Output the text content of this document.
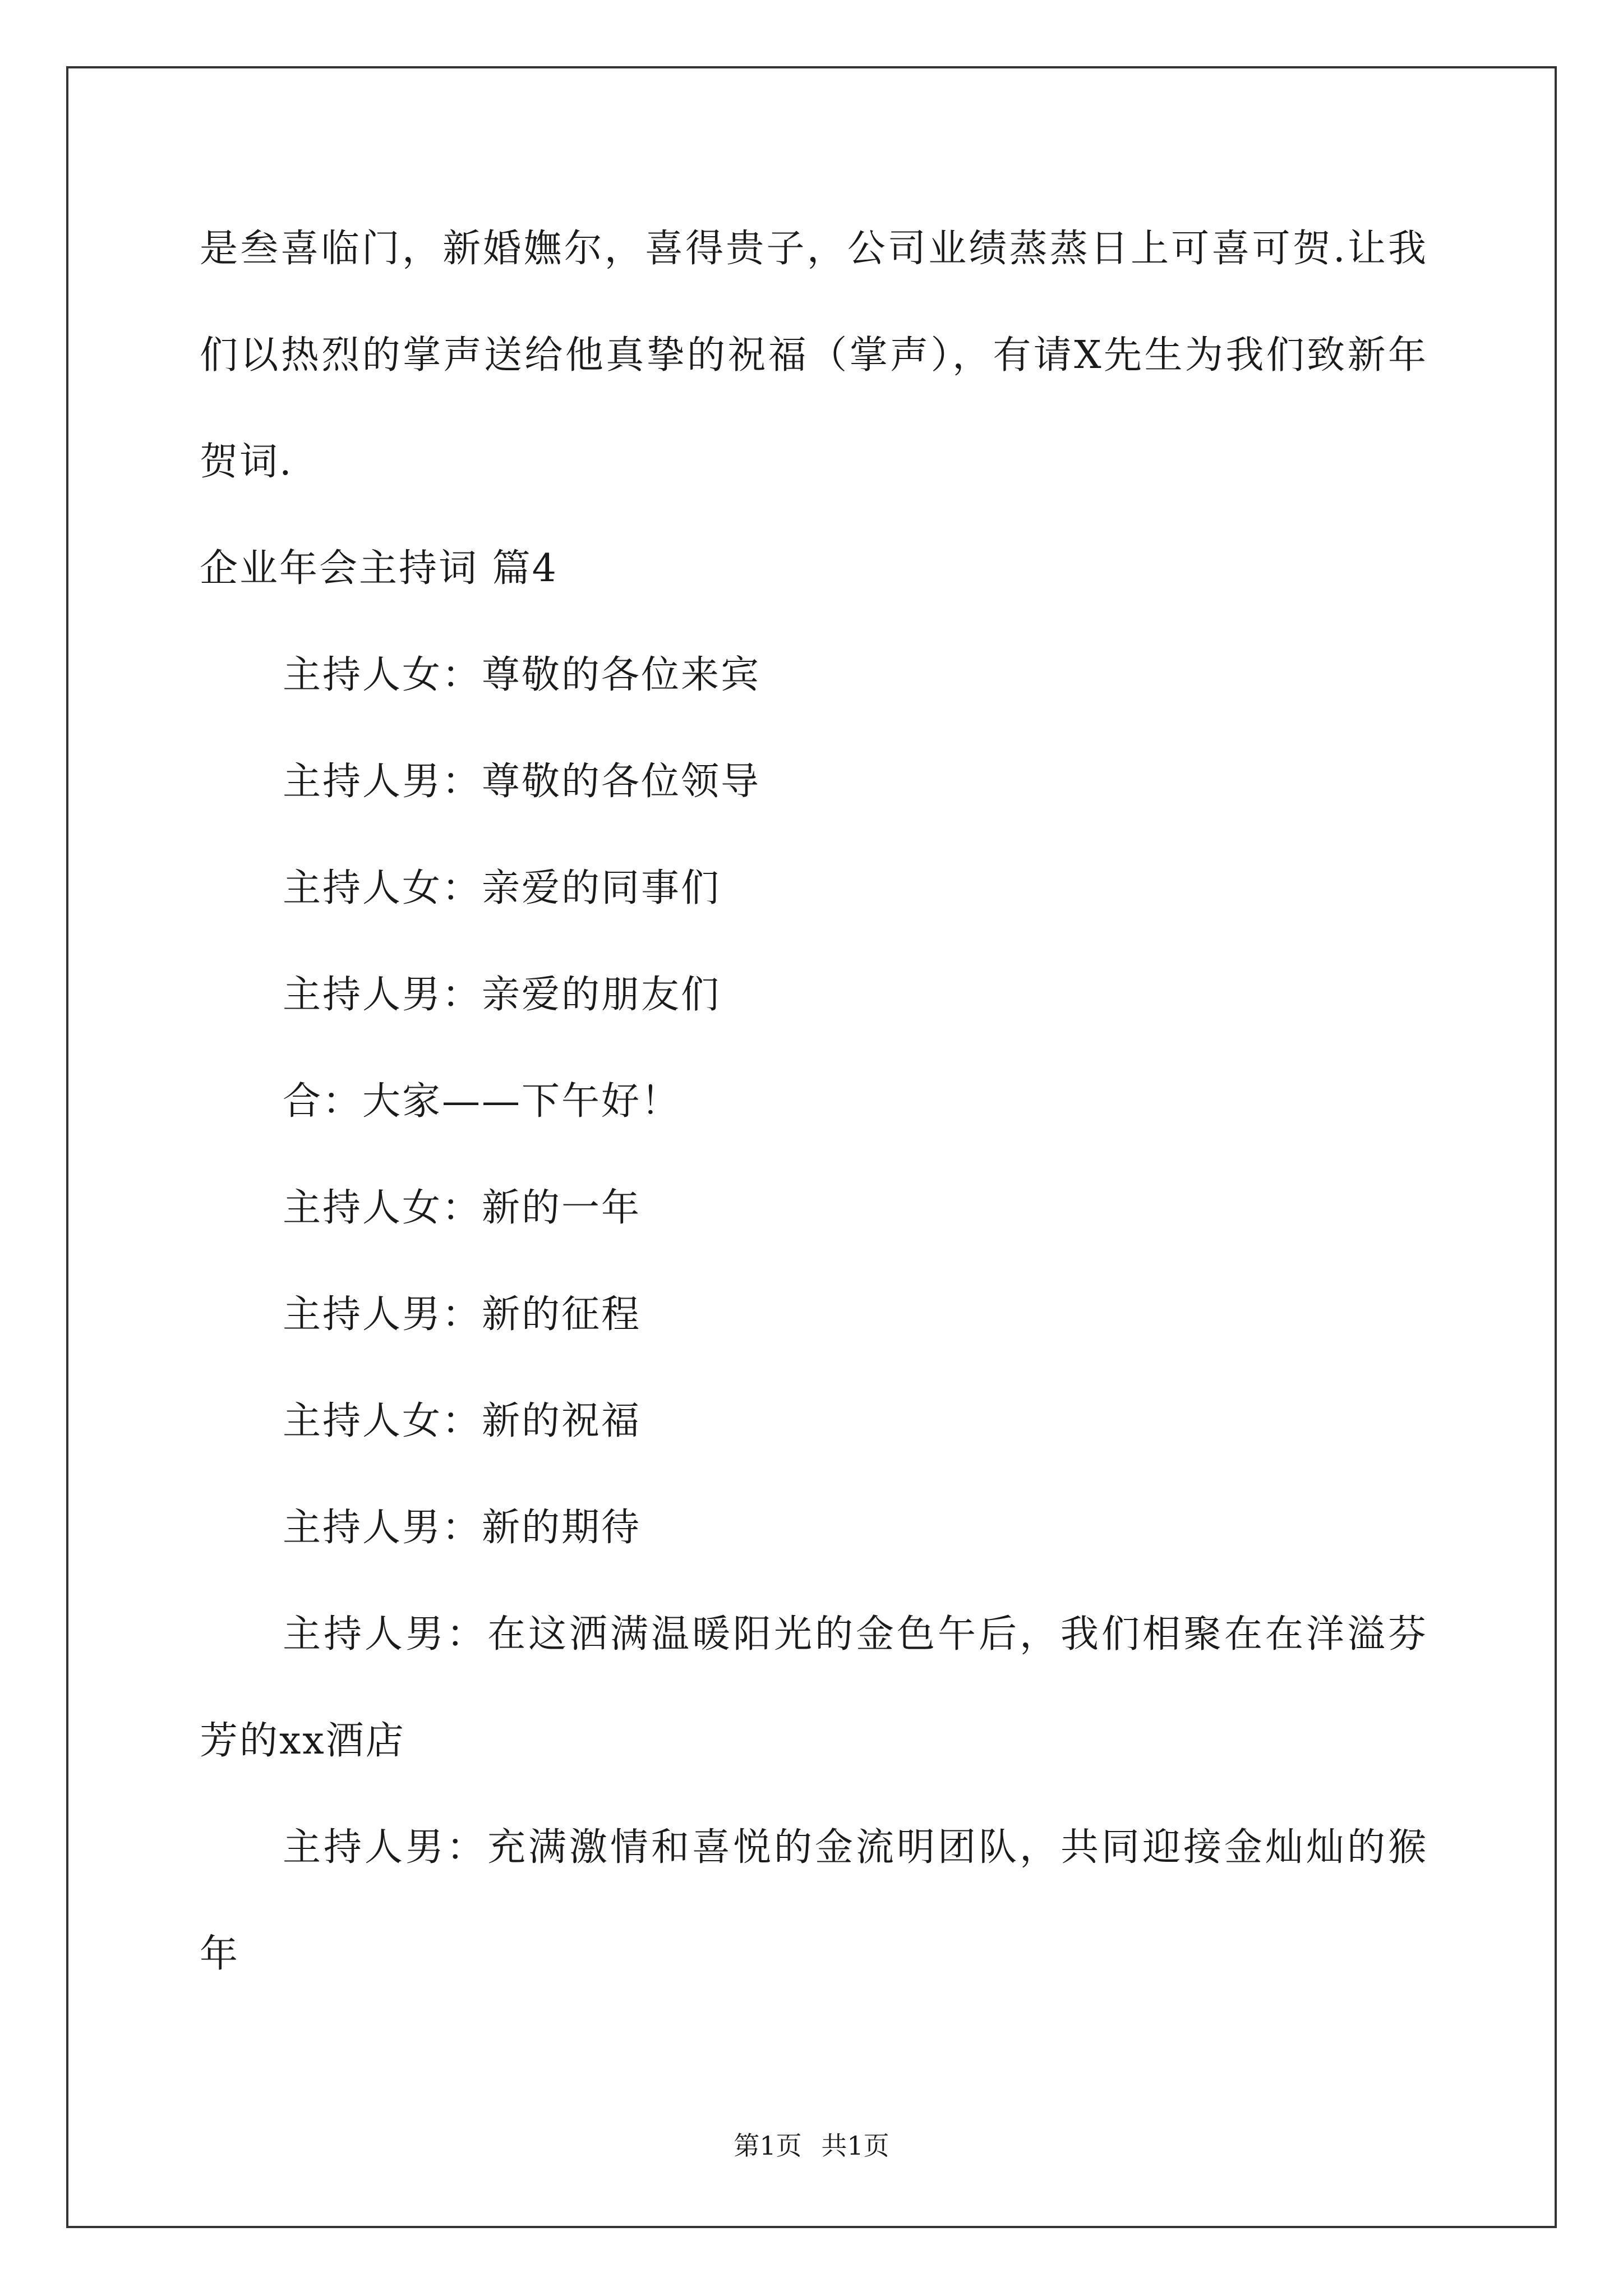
是叁喜临门，新婚嫵尔，喜得贵子，公司业绩蒸蒸日上可喜可贺.让我
们以热烈的掌声送给他真挚的祝福（掌声），有请X先生为我们致新年
贺词.
企业年会主持词 篇4
主持人女：尊敬的各位来宾
主持人男：尊敬的各位领导
主持人女：亲爱的同事们
主持人男：亲爱的朋友们
合：大家——下午好！
主持人女：新的一年
主持人男：新的征程
主持人女：新的祝福
主持人男：新的期待
主持人男：在这洒满温暖阳光的金色午后，我们相聚在在洋溢芬
芳的xx酒店
主持人男：充满激情和喜悦的金流明团队，共同迎接金灿灿的猴
年
第1页 共1页
